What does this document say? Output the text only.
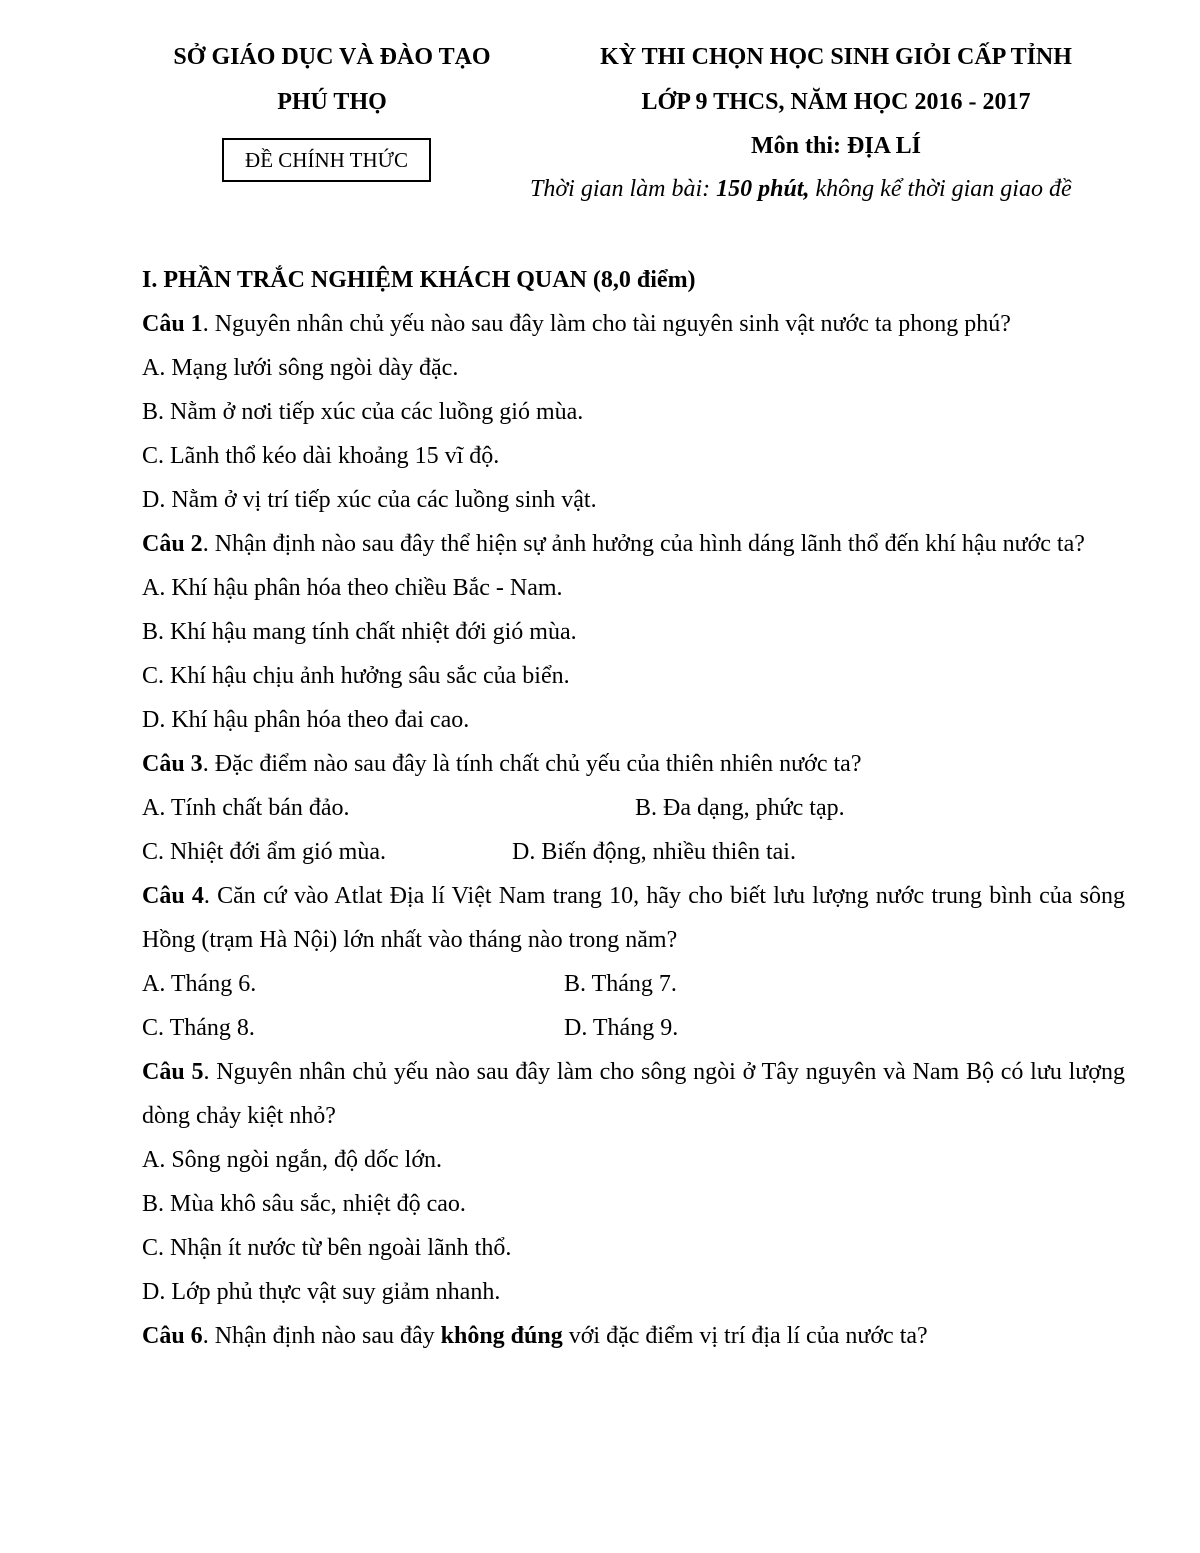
SỞ GIÁO DỤC VÀ ĐÀO TẠO
PHÚ THỌ
ĐỀ CHÍNH THỨC
KỲ THI CHỌN HỌC SINH GIỎI CẤP TỈNH
LỚP 9 THCS, NĂM HỌC 2016 - 2017
Môn thi: ĐỊA LÍ
Thời gian làm bài: 150 phút, không kể thời gian giao đề
I. PHẦN TRẮC NGHIỆM KHÁCH QUAN (8,0 điểm)
Câu 1. Nguyên nhân chủ yếu nào sau đây làm cho tài nguyên sinh vật nước ta phong phú?
A. Mạng lưới sông ngòi dày đặc.
B. Nằm ở nơi tiếp xúc của các luồng gió mùa.
C. Lãnh thổ kéo dài khoảng 15 vĩ độ.
D. Nằm ở vị trí tiếp xúc của các luồng sinh vật.
Câu 2. Nhận định nào sau đây thể hiện sự ảnh hưởng của hình dáng lãnh thổ đến khí hậu nước ta?
A. Khí hậu phân hóa theo chiều Bắc - Nam.
B. Khí hậu mang tính chất nhiệt đới gió mùa.
C. Khí hậu chịu ảnh hưởng sâu sắc của biển.
D. Khí hậu phân hóa theo đai cao.
Câu 3. Đặc điểm nào sau đây là tính chất chủ yếu của thiên nhiên nước ta?
A. Tính chất bán đảo.	B. Đa dạng, phức tạp.
C. Nhiệt đới ẩm gió mùa.	D. Biến động, nhiều thiên tai.
Câu 4. Căn cứ vào Atlat Địa lí Việt Nam trang 10, hãy cho biết lưu lượng nước trung bình của sông Hồng (trạm Hà Nội) lớn nhất vào tháng nào trong năm?
A. Tháng 6.	B. Tháng 7.
C. Tháng 8.	D. Tháng 9.
Câu 5. Nguyên nhân chủ yếu nào sau đây làm cho sông ngòi ở Tây nguyên và Nam Bộ có lưu lượng dòng chảy kiệt nhỏ?
A. Sông ngòi ngắn, độ dốc lớn.
B. Mùa khô sâu sắc, nhiệt độ cao.
C. Nhận ít nước từ bên ngoài lãnh thổ.
D. Lớp phủ thực vật suy giảm nhanh.
Câu 6. Nhận định nào sau đây không đúng với đặc điểm vị trí địa lí của nước ta?
